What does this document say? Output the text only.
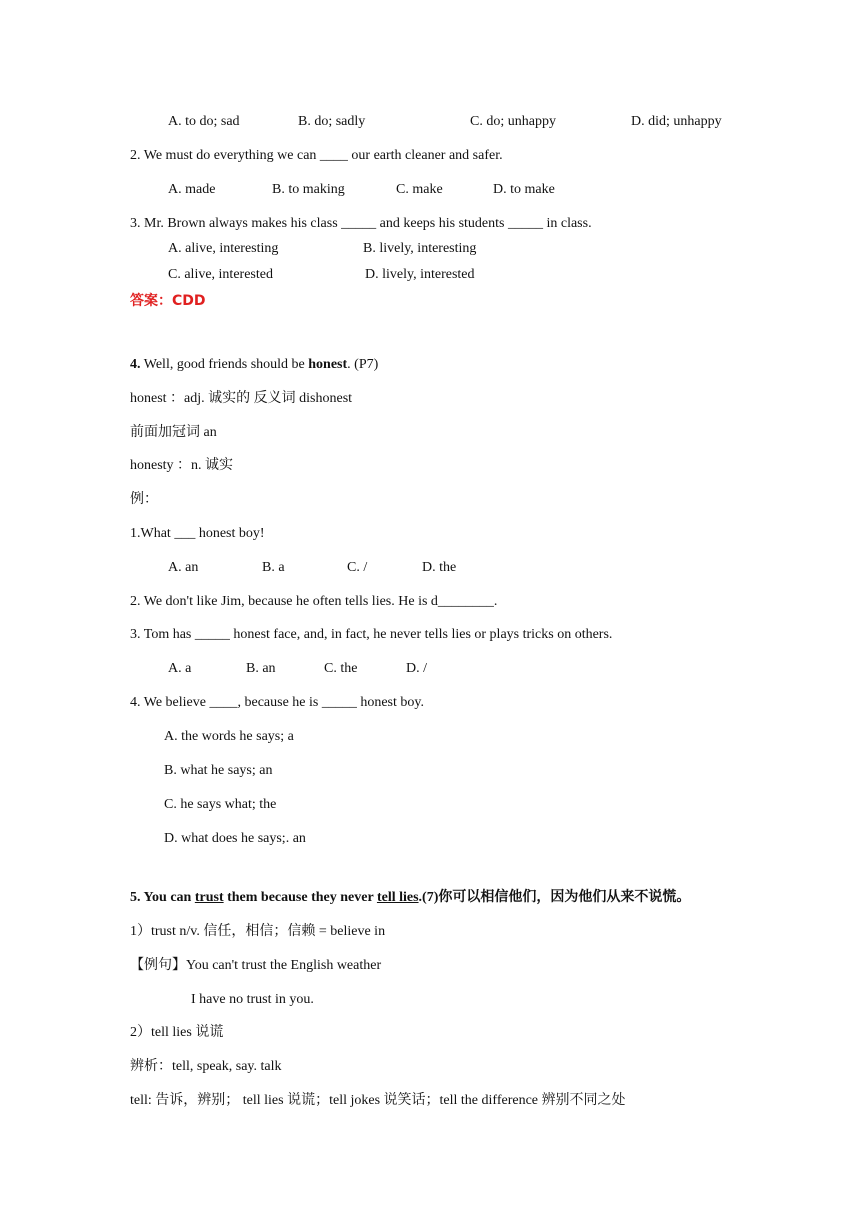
A. to do; sad	B. do; sadly	C. do; unhappy	D. did; unhappy
2. We must do everything we can ____ our earth cleaner and safer.
A. made	B. to making	C. make	D. to make
3. Mr. Brown always makes his class _____ and keeps his students _____ in class.
A. alive, interesting	B. lively, interesting
C. alive, interested	D. lively, interested
答案：CDD
4. Well, good friends should be honest. (P7)
honest ：adj. 诚实的 反义词 dishonest
前面加冠词 an
honesty ：n. 诚实
例：
1.What ___ honest boy!
A. an	B. a	C. /	D. the
2. We don't like Jim, because he often tells lies. He is d________.
3. Tom has _____ honest face, and, in fact, he never tells lies or plays tricks on others.
A. a	B. an	C. the	D. /
4. We believe ____, because he is _____ honest boy.
A. the words he says; a
B. what he says; an
C. he says what; the
D. what does he says;. an
5. You can trust them because they never tell lies.(7)你可以相信他们，因为他们从来不说慌。
1）trust n/v. 信任，相信；信赖 = believe in
【例句】You can't trust the English weather
I have no trust in you.
2）tell lies 说谎
辨析：tell, speak, say. talk
tell: 告诉，辨别； tell lies 说谎；tell jokes 说笑话；tell the difference 辨别不同之处
